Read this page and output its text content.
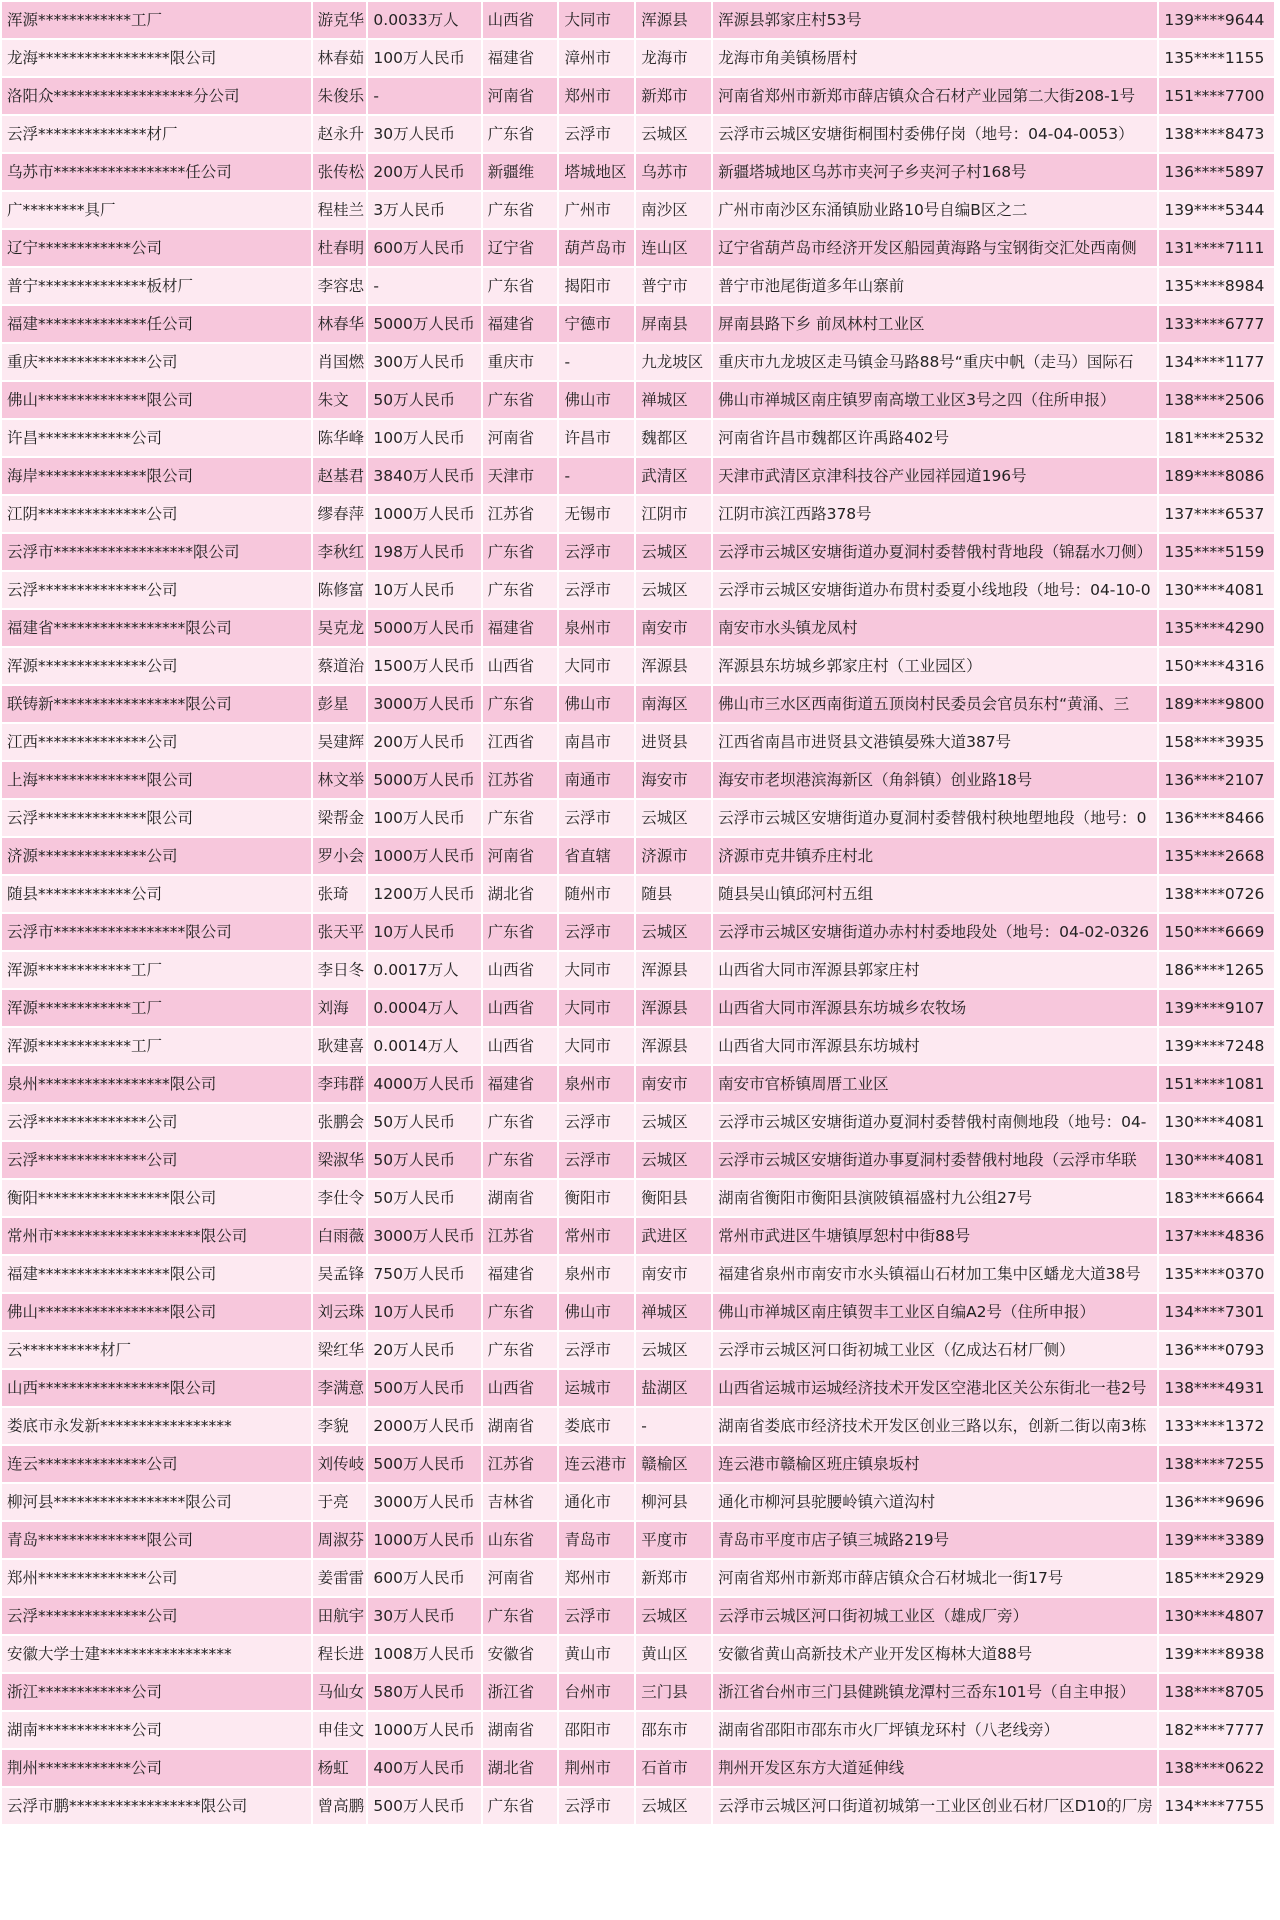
浑源************工厂	游克华	0.0033万人	山西省	大同市	浑源县	浑源县郭家庄村53号	139****9644
龙海*****************限公司	林春茹	100万人民币	福建省	漳州市	龙海市	龙海市角美镇杨厝村	135****1155
洛阳众******************分公司	朱俊乐	-	河南省	郑州市	新郑市	河南省郑州市新郑市薛店镇众合石材产业园第二大街208-1号	151****7700
云浮**************材厂	赵永升	30万人民币	广东省	云浮市	云城区	云浮市云城区安塘街桐围村委佛仔岗（地号：04-04-0053）	138****8473
乌苏市*****************任公司	张传松	200万人民币	新疆维	塔城地区	乌苏市	新疆塔城地区乌苏市夹河子乡夹河子村168号	136****5897
广********具厂	程桂兰	3万人民币	广东省	广州市	南沙区	广州市南沙区东涌镇励业路10号自编B区之二	139****5344
辽宁************公司	杜春明	600万人民币	辽宁省	葫芦岛市	连山区	辽宁省葫芦岛市经济开发区船园黄海路与宝钢街交汇处西南侧	131****7111
普宁**************板材厂	李容忠	-	广东省	揭阳市	普宁市	普宁市池尾街道多年山寨前	135****8984
福建**************任公司	林春华	5000万人民币	福建省	宁德市	屏南县	屏南县路下乡 前凤林村工业区	133****6777
重庆**************公司	肖国燃	300万人民币	重庆市	-	九龙坡区	重庆市九龙坡区走马镇金马路88号“重庆中帆（走马）国际石	134****1177
佛山**************限公司	朱文	50万人民币	广东省	佛山市	禅城区	佛山市禅城区南庄镇罗南高墩工业区3号之四（住所申报）	138****2506
许昌************公司	陈华峰	100万人民币	河南省	许昌市	魏都区	河南省许昌市魏都区许禹路402号	181****2532
海岸**************限公司	赵基君	3840万人民币	天津市	-	武清区	天津市武清区京津科技谷产业园祥园道196号	189****8086
江阴**************公司	缪春萍	1000万人民币	江苏省	无锡市	江阴市	江阴市滨江西路378号	137****6537
云浮市******************限公司	李秋红	198万人民币	广东省	云浮市	云城区	云浮市云城区安塘街道办夏洞村委替俄村背地段（锦磊水刀侧）	135****5159
云浮**************公司	陈修富	10万人民币	广东省	云浮市	云城区	云浮市云城区安塘街道办布贯村委夏小线地段（地号：04-10-0	130****4081
福建省*****************限公司	吴克龙	5000万人民币	福建省	泉州市	南安市	南安市水头镇龙凤村	135****4290
浑源**************公司	蔡道治	1500万人民币	山西省	大同市	浑源县	浑源县东坊城乡郭家庄村（工业园区）	150****4316
联铸新*****************限公司	彭星	3000万人民币	广东省	佛山市	南海区	佛山市三水区西南街道五顶岗村民委员会官员东村“黄涌、三	189****9800
江西**************公司	吴建辉	200万人民币	江西省	南昌市	进贤县	江西省南昌市进贤县文港镇晏殊大道387号	158****3935
上海**************限公司	林文举	5000万人民币	江苏省	南通市	海安市	海安市老坝港滨海新区（角斜镇）创业路18号	136****2107
云浮**************限公司	梁帮金	100万人民币	广东省	云浮市	云城区	云浮市云城区安塘街道办夏洞村委替俄村秧地塱地段（地号：0	136****8466
济源**************公司	罗小会	1000万人民币	河南省	省直辖	济源市	济源市克井镇乔庄村北	135****2668
随县************公司	张琦	1200万人民币	湖北省	随州市	随县	随县吴山镇邱河村五组	138****0726
云浮市*****************限公司	张天平	10万人民币	广东省	云浮市	云城区	云浮市云城区安塘街道办赤村村委地段处（地号：04-02-0326	150****6669
浑源************工厂	李日冬	0.0017万人	山西省	大同市	浑源县	山西省大同市浑源县郭家庄村	186****1265
浑源************工厂	刘海	0.0004万人	山西省	大同市	浑源县	山西省大同市浑源县东坊城乡农牧场	139****9107
浑源************工厂	耿建喜	0.0014万人	山西省	大同市	浑源县	山西省大同市浑源县东坊城村	139****7248
泉州*****************限公司	李玮群	4000万人民币	福建省	泉州市	南安市	南安市官桥镇周厝工业区	151****1081
云浮**************公司	张鹏会	50万人民币	广东省	云浮市	云城区	云浮市云城区安塘街道办夏洞村委替俄村南侧地段（地号：04-	130****4081
云浮**************公司	梁淑华	50万人民币	广东省	云浮市	云城区	云浮市云城区安塘街道办事夏洞村委替俄村地段（云浮市华联	130****4081
衡阳*****************限公司	李仕令	50万人民币	湖南省	衡阳市	衡阳县	湖南省衡阳市衡阳县演陂镇福盛村九公组27号	183****6664
常州市*******************限公司	白雨薇	3000万人民币	江苏省	常州市	武进区	常州市武进区牛塘镇厚恕村中街88号	137****4836
福建*****************限公司	吴孟锋	750万人民币	福建省	泉州市	南安市	福建省泉州市南安市水头镇福山石材加工集中区蟠龙大道38号	135****0370
佛山*****************限公司	刘云珠	10万人民币	广东省	佛山市	禅城区	佛山市禅城区南庄镇贺丰工业区自编A2号（住所申报）	134****7301
云**********材厂	梁红华	20万人民币	广东省	云浮市	云城区	云浮市云城区河口街初城工业区（亿成达石材厂侧）	136****0793
山西*****************限公司	李满意	500万人民币	山西省	运城市	盐湖区	山西省运城市运城经济技术开发区空港北区关公东街北一巷2号	138****4931
娄底市永发新*****************	李貌	2000万人民币	湖南省	娄底市	-	湖南省娄底市经济技术开发区创业三路以东，创新二街以南3栋	133****1372
连云**************公司	刘传岐	500万人民币	江苏省	连云港市	赣榆区	连云港市赣榆区班庄镇泉坂村	138****7255
柳河县*****************限公司	于亮	3000万人民币	吉林省	通化市	柳河县	通化市柳河县驼腰岭镇六道沟村	136****9696
青岛**************限公司	周淑芬	1000万人民币	山东省	青岛市	平度市	青岛市平度市店子镇三城路219号	139****3389
郑州**************公司	姜雷雷	600万人民币	河南省	郑州市	新郑市	河南省郑州市新郑市薛店镇众合石材城北一街17号	185****2929
云浮**************公司	田航宇	30万人民币	广东省	云浮市	云城区	云浮市云城区河口街初城工业区（雄成厂旁）	130****4807
安徽大学士建*****************	程长进	1008万人民币	安徽省	黄山市	黄山区	安徽省黄山高新技术产业开发区梅林大道88号	139****8938
浙江************公司	马仙女	580万人民币	浙江省	台州市	三门县	浙江省台州市三门县健跳镇龙潭村三岙东101号（自主申报）	138****8705
湖南************公司	申佳文	1000万人民币	湖南省	邵阳市	邵东市	湖南省邵阳市邵东市火厂坪镇龙环村（八老线旁）	182****7777
荆州************公司	杨虹	400万人民币	湖北省	荆州市	石首市	荆州开发区东方大道延伸线	138****0622
云浮市鹏*****************限公司	曾高鹏	500万人民币	广东省	云浮市	云城区	云浮市云城区河口街道初城第一工业区创业石材厂区D10的厂房	134****7755
